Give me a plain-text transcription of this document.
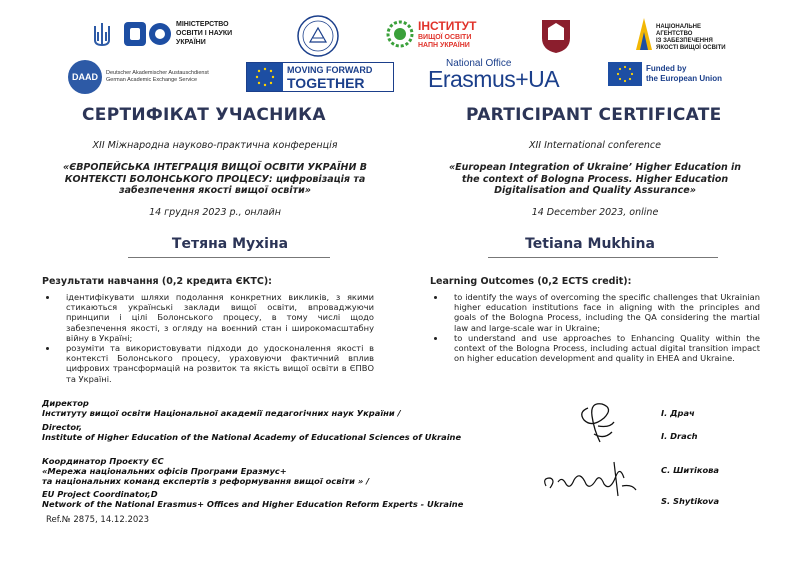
МІНІСТЕРСТВО
ОСВІТИ І НАУКИ
УКРАЇНИ
ІНСТИТУТ
ВИЩОЇ ОСВІТИ
НАПН УКРАЇНИ
НАЦІОНАЛЬНЕ
АГЕНТСТВО
ІЗ ЗАБЕЗПЕЧЕННЯ
ЯКОСТІ ВИЩОЇ ОСВІТИ
DAAD	Deutscher Akademischer Austauschdienst
German Academic Exchange Service
MOVING FORWARD
TOGETHER
National Office
Erasmus+UA	Funded by
the European Union
СЕРТИФІКАТ УЧАСНИКА	PARTICIPANT CERTIFICATE
XII Міжнародна науково-практична конференція
«ЄВРОПЕЙСЬКА ІНТЕГРАЦІЯ ВИЩОЇ ОСВІТИ УКРАЇНИ В
КОНТЕКСТІ БОЛОНСЬКОГО ПРОЦЕСУ: цифровізація та
забезпечення якості вищої освіти»
14 грудня 2023 р., онлайн
Тетяна Мухіна
Результати навчання (0,2 кредита ЄКТС):
• ідентифікувати шляхи подолання конкретних викликів, з якими стикаються українські заклади вищої освіти, впроваджуючи принципи і цілі Болонського процесу, в тому числі щодо забезпечення якості, з огляду на воєнний стан і широкомасштабну війну в Україні;
• розуміти та використовувати підходи до удосконалення якості в контексті Болонського процесу, ураховуючи фактичний вплив цифрових трансформацій на розвиток та якість вищої освіти в ЄПВО та Україні.
XII International conference
«European Integration of Ukraine’ Higher Education in
the context of Bologna Process. Higher Education
Digitalisation and Quality Assurance»
14 December 2023, online
Tetiana Mukhina
Learning Outcomes (0,2 ECTS credit):
• to identify the ways of overcoming the specific challenges that Ukrainian higher education institutions face in aligning with the principles and goals of the Bologna Process, including the QA considering the martial law and large-scale war in Ukraine;
• to understand and use approaches to Enhancing Quality within the context of the Bologna Process, including actual digital transition impact on higher education development and quality in EHEA and Ukraine.
Директор
Інституту вищої освіти Національної академії педагогічних наук України /
Director,
Institute of Higher Education of the National Academy of Educational Sciences of Ukraine
І. Драч
I. Drach
Координатор Проєкту ЄС
«Мережа національних офісів Програми Еразмус+
та національних команд експертів з реформування вищої освіти » /
EU Project Coordinator,D
Network of the National Erasmus+ Offices and Higher Education Reform Experts - Ukraine
С. Шитікова
S. Shytikova
Ref.№ 2875, 14.12.2023
